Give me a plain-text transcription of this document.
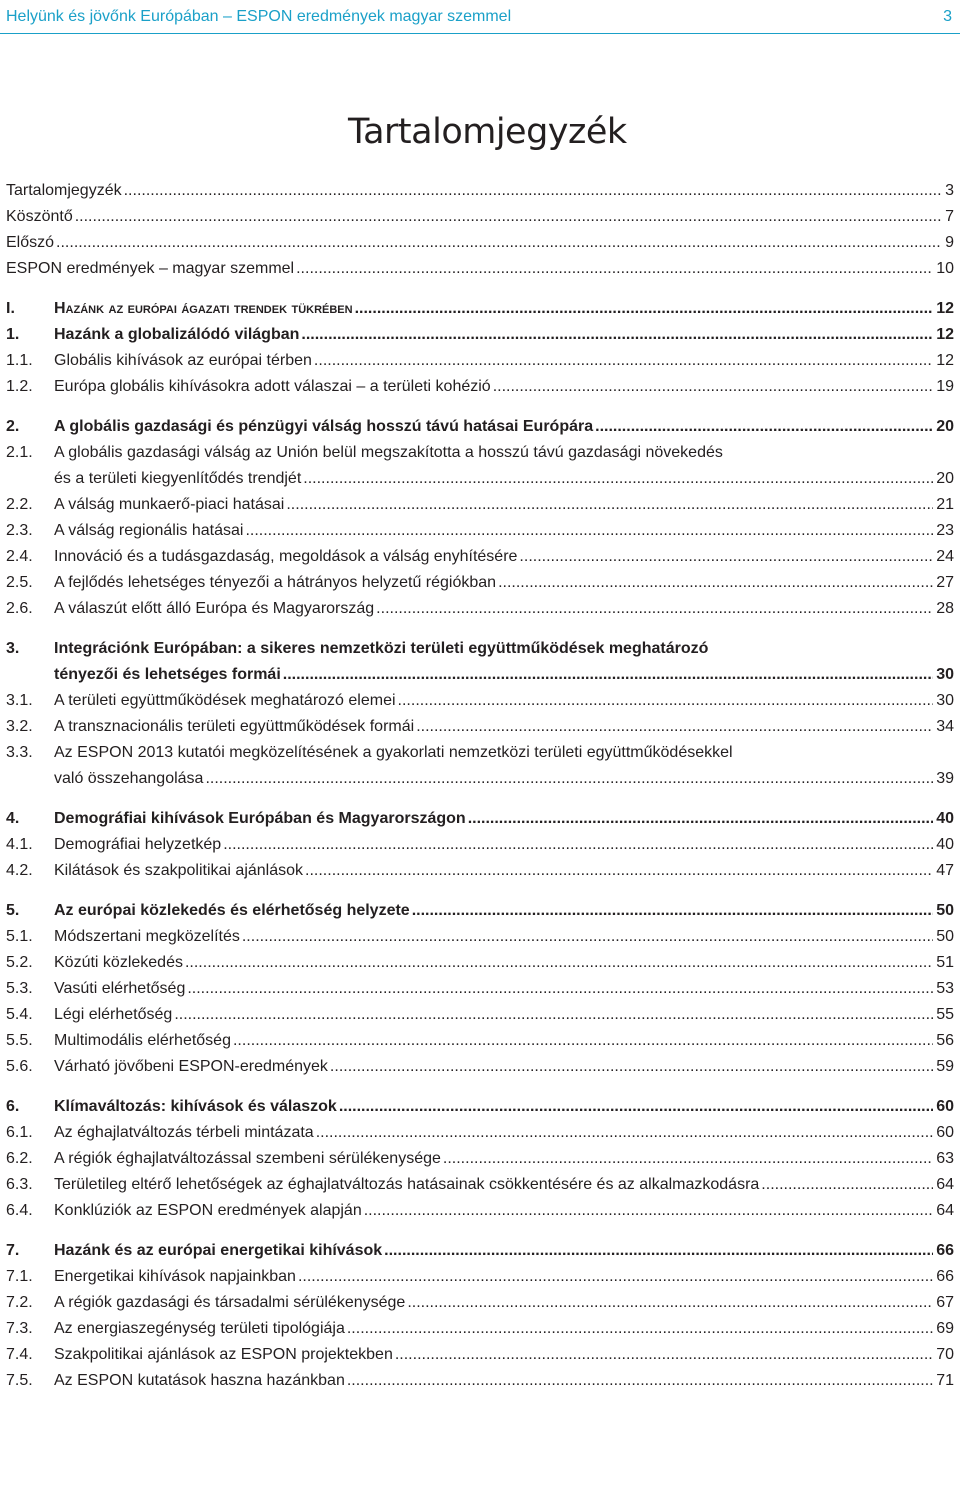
Helyünk és jövőnk Európában – ESPON eredmények magyar szemmel	3
Tartalomjegyzék
Tartalomjegyzék .....	3
Köszöntő .....	7
Előszó .....	9
ESPON eredmények – magyar szemmel .....	10
I.	Hazánk az európai ágazati trendek tükrében .....	12
1.	Hazánk a globalizálódó világban .....	12
1.1.	Globális kihívások az európai térben .....	12
1.2.	Európa globális kihívásokra adott válaszai – a területi kohézió .....	19
2.	A globális gazdasági és pénzügyi válság hosszú távú hatásai Európára .....	20
2.1.	A globális gazdasági válság az Unión belül megszakította a hosszú távú gazdasági növekedés
és a területi kiegyenlítődés trendjét .....	20
2.2.	A válság munkaerő-piaci hatásai .....	21
2.3.	A válság regionális hatásai .....	23
2.4.	Innováció és a tudásgazdaság, megoldások a válság enyhítésére .....	24
2.5.	A fejlődés lehetséges tényezői a hátrányos helyzetű régiókban .....	27
2.6.	A válaszút előtt álló Európa és Magyarország .....	28
3.	Integrációnk Európában: a sikeres nemzetközi területi együttműködések meghatározó
tényezői és lehetséges formái .....	30
3.1.	A területi együttműködések meghatározó elemei .....	30
3.2.	A transznacionális területi együttműködések formái .....	34
3.3.	Az ESPON 2013 kutatói megközelítésének a gyakorlati nemzetközi területi együttműködésekkel
való összehangolása .....	39
4.	Demográfiai kihívások Európában és Magyarországon .....	40
4.1.	Demográfiai helyzetkép .....	40
4.2.	Kilátások és szakpolitikai ajánlások .....	47
5.	Az európai közlekedés és elérhetőség helyzete .....	50
5.1.	Módszertani megközelítés .....	50
5.2.	Közúti közlekedés .....	51
5.3.	Vasúti elérhetőség .....	53
5.4.	Légi elérhetőség .....	55
5.5.	Multimodális elérhetőség .....	56
5.6.	Várható jövőbeni ESPON-eredmények .....	59
6.	Klímaváltozás: kihívások és válaszok .....	60
6.1.	Az éghajlatváltozás térbeli mintázata .....	60
6.2.	A régiók éghajlatváltozással szembeni sérülékenysége .....	63
6.3.	Területileg eltérő lehetőségek az éghajlatváltozás hatásainak csökkentésére és az alkalmazkodásra .....	64
6.4.	Konklúziók az ESPON eredmények alapján .....	64
7.	Hazánk és az európai energetikai kihívások .....	66
7.1.	Energetikai kihívások napjainkban .....	66
7.2.	A régiók gazdasági és társadalmi sérülékenysége .....	67
7.3.	Az energiaszegénység területi tipológiája .....	69
7.4.	Szakpolitikai ajánlások az ESPON projektekben .....	70
7.5.	Az ESPON kutatások haszna hazánkban .....	71
